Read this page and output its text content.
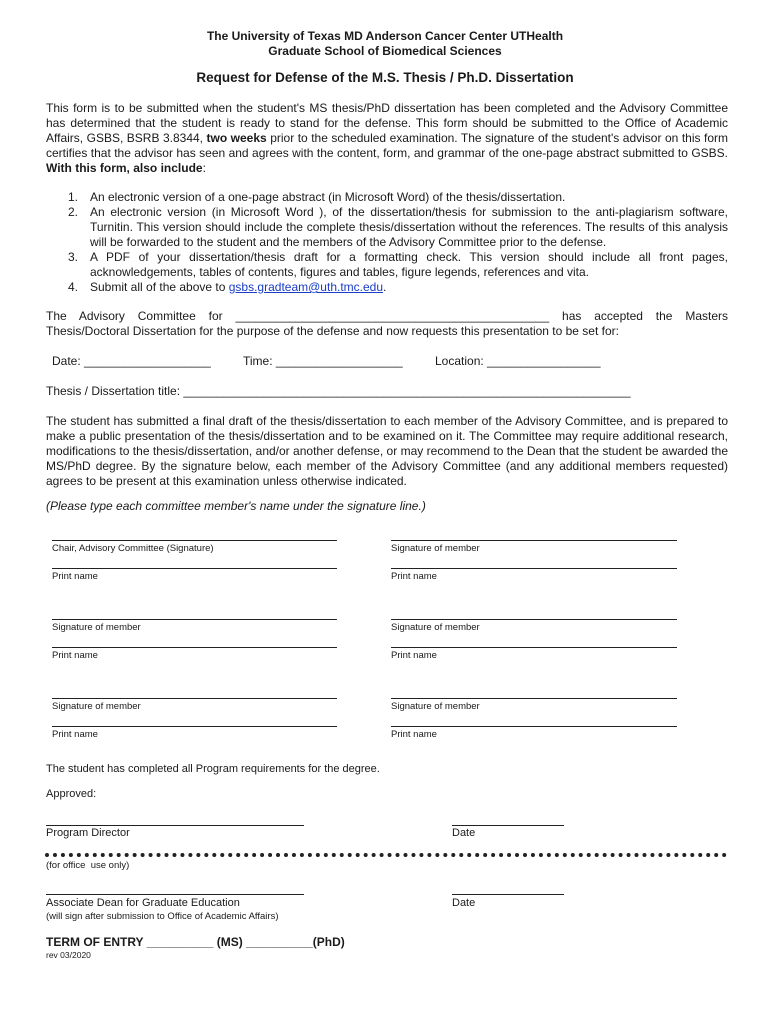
The University of Texas MD Anderson Cancer Center UTHealth
Graduate School of Biomedical Sciences
Request for Defense of the M.S. Thesis / Ph.D. Dissertation
This form is to be submitted when the student's MS thesis/PhD dissertation has been completed and the Advisory Committee has determined that the student is ready to stand for the defense. This form should be submitted to the Office of Academic Affairs, GSBS, BSRB 3.8344, two weeks prior to the scheduled examination. The signature of the student's advisor on this form certifies that the advisor has seen and agrees with the content, form, and grammar of the one-page abstract submitted to GSBS. With this form, also include:
1. An electronic version of a one-page abstract (in Microsoft Word) of the thesis/dissertation.
2. An electronic version (in Microsoft Word ), of the dissertation/thesis for submission to the anti-plagiarism software, Turnitin. This version should include the complete thesis/dissertation without the references. The results of this analysis will be forwarded to the student and the members of the Advisory Committee prior to the defense.
3. A PDF of your dissertation/thesis draft for a formatting check. This version should include all front pages, acknowledgements, tables of contents, figures and tables, figure legends, references and vita.
4. Submit all of the above to gsbs.gradteam@uth.tmc.edu.
The Advisory Committee for _______________________________________________ has accepted the Masters Thesis/Doctoral Dissertation for the purpose of the defense and now requests this presentation to be set for:
Date: ___________________	Time: ___________________	Location: _________________
Thesis / Dissertation title: ___________________________________________________________________
The student has submitted a final draft of the thesis/dissertation to each member of the Advisory Committee, and is prepared to make a public presentation of the thesis/dissertation and to be examined on it. The Committee may require additional research, modifications to the thesis/dissertation, and/or another defense, or may recommend to the Dean that the student be awarded the MS/PhD degree. By the signature below, each member of the Advisory Committee (and any additional members requested) agrees to be present at this examination unless otherwise indicated.
(Please type each committee member's name under the signature line.)
Chair, Advisory Committee (Signature)	Signature of member
Print name	Print name
Signature of member	Signature of member
Print name	Print name
Signature of member	Signature of member
Print name	Print name
The student has completed all Program requirements for the degree.
Approved:
Program Director	Date
(for office  use only)
Associate Dean for Graduate Education	Date
(will sign after submission to Office of Academic Affairs)
TERM OF ENTRY __________ (MS) __________(PhD)
rev 03/2020
